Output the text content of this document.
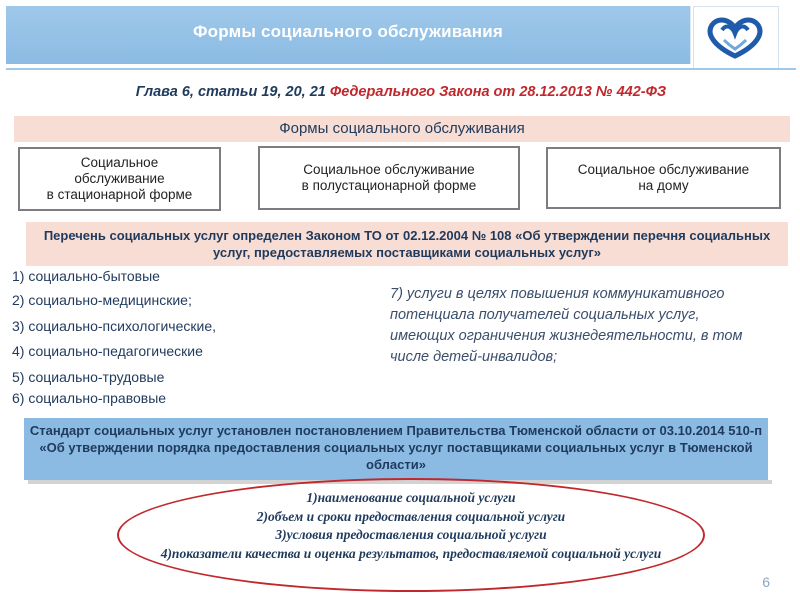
Формы социального обслуживания
Глава 6, статьи 19, 20, 21 Федерального Закона от 28.12.2013 № 442-ФЗ
Формы социального обслуживания
Социальное
обслуживание
в стационарной форме
Социальное обслуживание
в полустационарной форме
Социальное обслуживание
на дому
Перечень социальных услуг определен Законом ТО от 02.12.2004 № 108 «Об утверждении перечня социальных услуг, предоставляемых поставщиками социальных услуг»
1) социально-бытовые
2) социально-медицинские;
3) социально-психологические,
4) социально-педагогические
5) социально-трудовые
6) социально-правовые
7) услуги в целях повышения коммуникативного потенциала получателей социальных услуг, имеющих ограничения жизнедеятельности, в том числе детей-инвалидов;
Стандарт социальных услуг установлен постановлением Правительства Тюменской области от 03.10.2014 510-п «Об утверждении порядка предоставления социальных услуг поставщиками социальных услуг в Тюменской области»
1)наименование социальной услуги
2)объем и сроки предоставления социальной услуги
3)условия предоставления социальной услуги
4)показатели качества и оценка результатов, предоставляемой социальной услуги
6
